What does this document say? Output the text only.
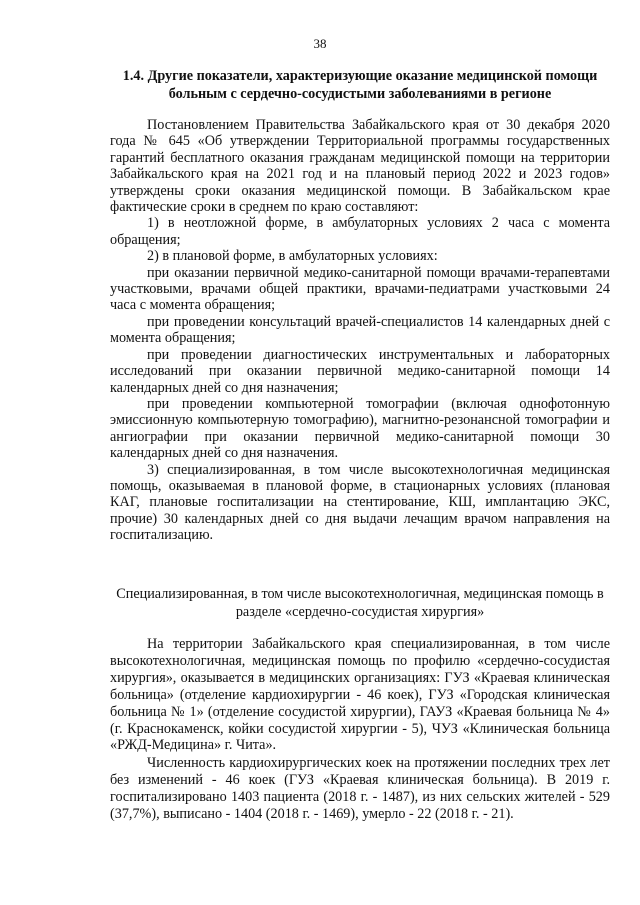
38
1.4. Другие показатели, характеризующие оказание медицинской помощи больным с сердечно-сосудистыми заболеваниями в регионе

Постановлением Правительства Забайкальского края от 30 декабря 2020 года № 645 «Об утверждении Территориальной программы государственных гарантий бесплатного оказания гражданам медицинской помощи на территории Забайкальского края на 2021 год и на плановый период 2022 и 2023 годов» утверждены сроки оказания медицинской помощи. В Забайкальском крае фактические сроки в среднем по краю составляют:

1) в неотложной форме, в амбулаторных условиях 2 часа с момента обращения;

2) в плановой форме, в амбулаторных условиях:

при оказании первичной медико-санитарной помощи врачами-терапевтами участковыми, врачами общей практики, врачами-педиатрами участковыми 24 часа с момента обращения;

при проведении консультаций врачей-специалистов 14 календарных дней с момента обращения;

при проведении диагностических инструментальных и лабораторных исследований при оказании первичной медико-санитарной помощи 14 календарных дней со дня назначения;

при проведении компьютерной томографии (включая однофотонную эмиссионную компьютерную томографию), магнитно-резонансной томографии и ангиографии при оказании первичной медико-санитарной помощи 30 календарных дней со дня назначения.

3) специализированная, в том числе высокотехнологичная медицинская помощь, оказываемая в плановой форме, в стационарных условиях (плановая КАГ, плановые госпитализации на стентирование, КШ, имплантацию ЭКС, прочие) 30 календарных дней со дня выдачи лечащим врачом направления на госпитализацию.

Специализированная, в том числе высокотехнологичная, медицинская помощь в разделе «сердечно-сосудистая хирургия»

На территории Забайкальского края специализированная, в том числе высокотехнологичная, медицинская помощь по профилю «сердечно-сосудистая хирургия», оказывается в медицинских организациях: ГУЗ «Краевая клиническая больница» (отделение кардиохирургии - 46 коек), ГУЗ «Городская клиническая больница № 1» (отделение сосудистой хирургии), ГАУЗ «Краевая больница № 4» (г. Краснокаменск, койки сосудистой хирургии - 5), ЧУЗ «Клиническая больница «РЖД-Медицина» г. Чита».

Численность кардиохирургических коек на протяжении последних трех лет без изменений - 46 коек (ГУЗ «Краевая клиническая больница). В 2019 г. госпитализировано 1403 пациента (2018 г. - 1487), из них сельских жителей - 529 (37,7%), выписано - 1404 (2018 г. - 1469), умерло - 22 (2018 г. - 21).
